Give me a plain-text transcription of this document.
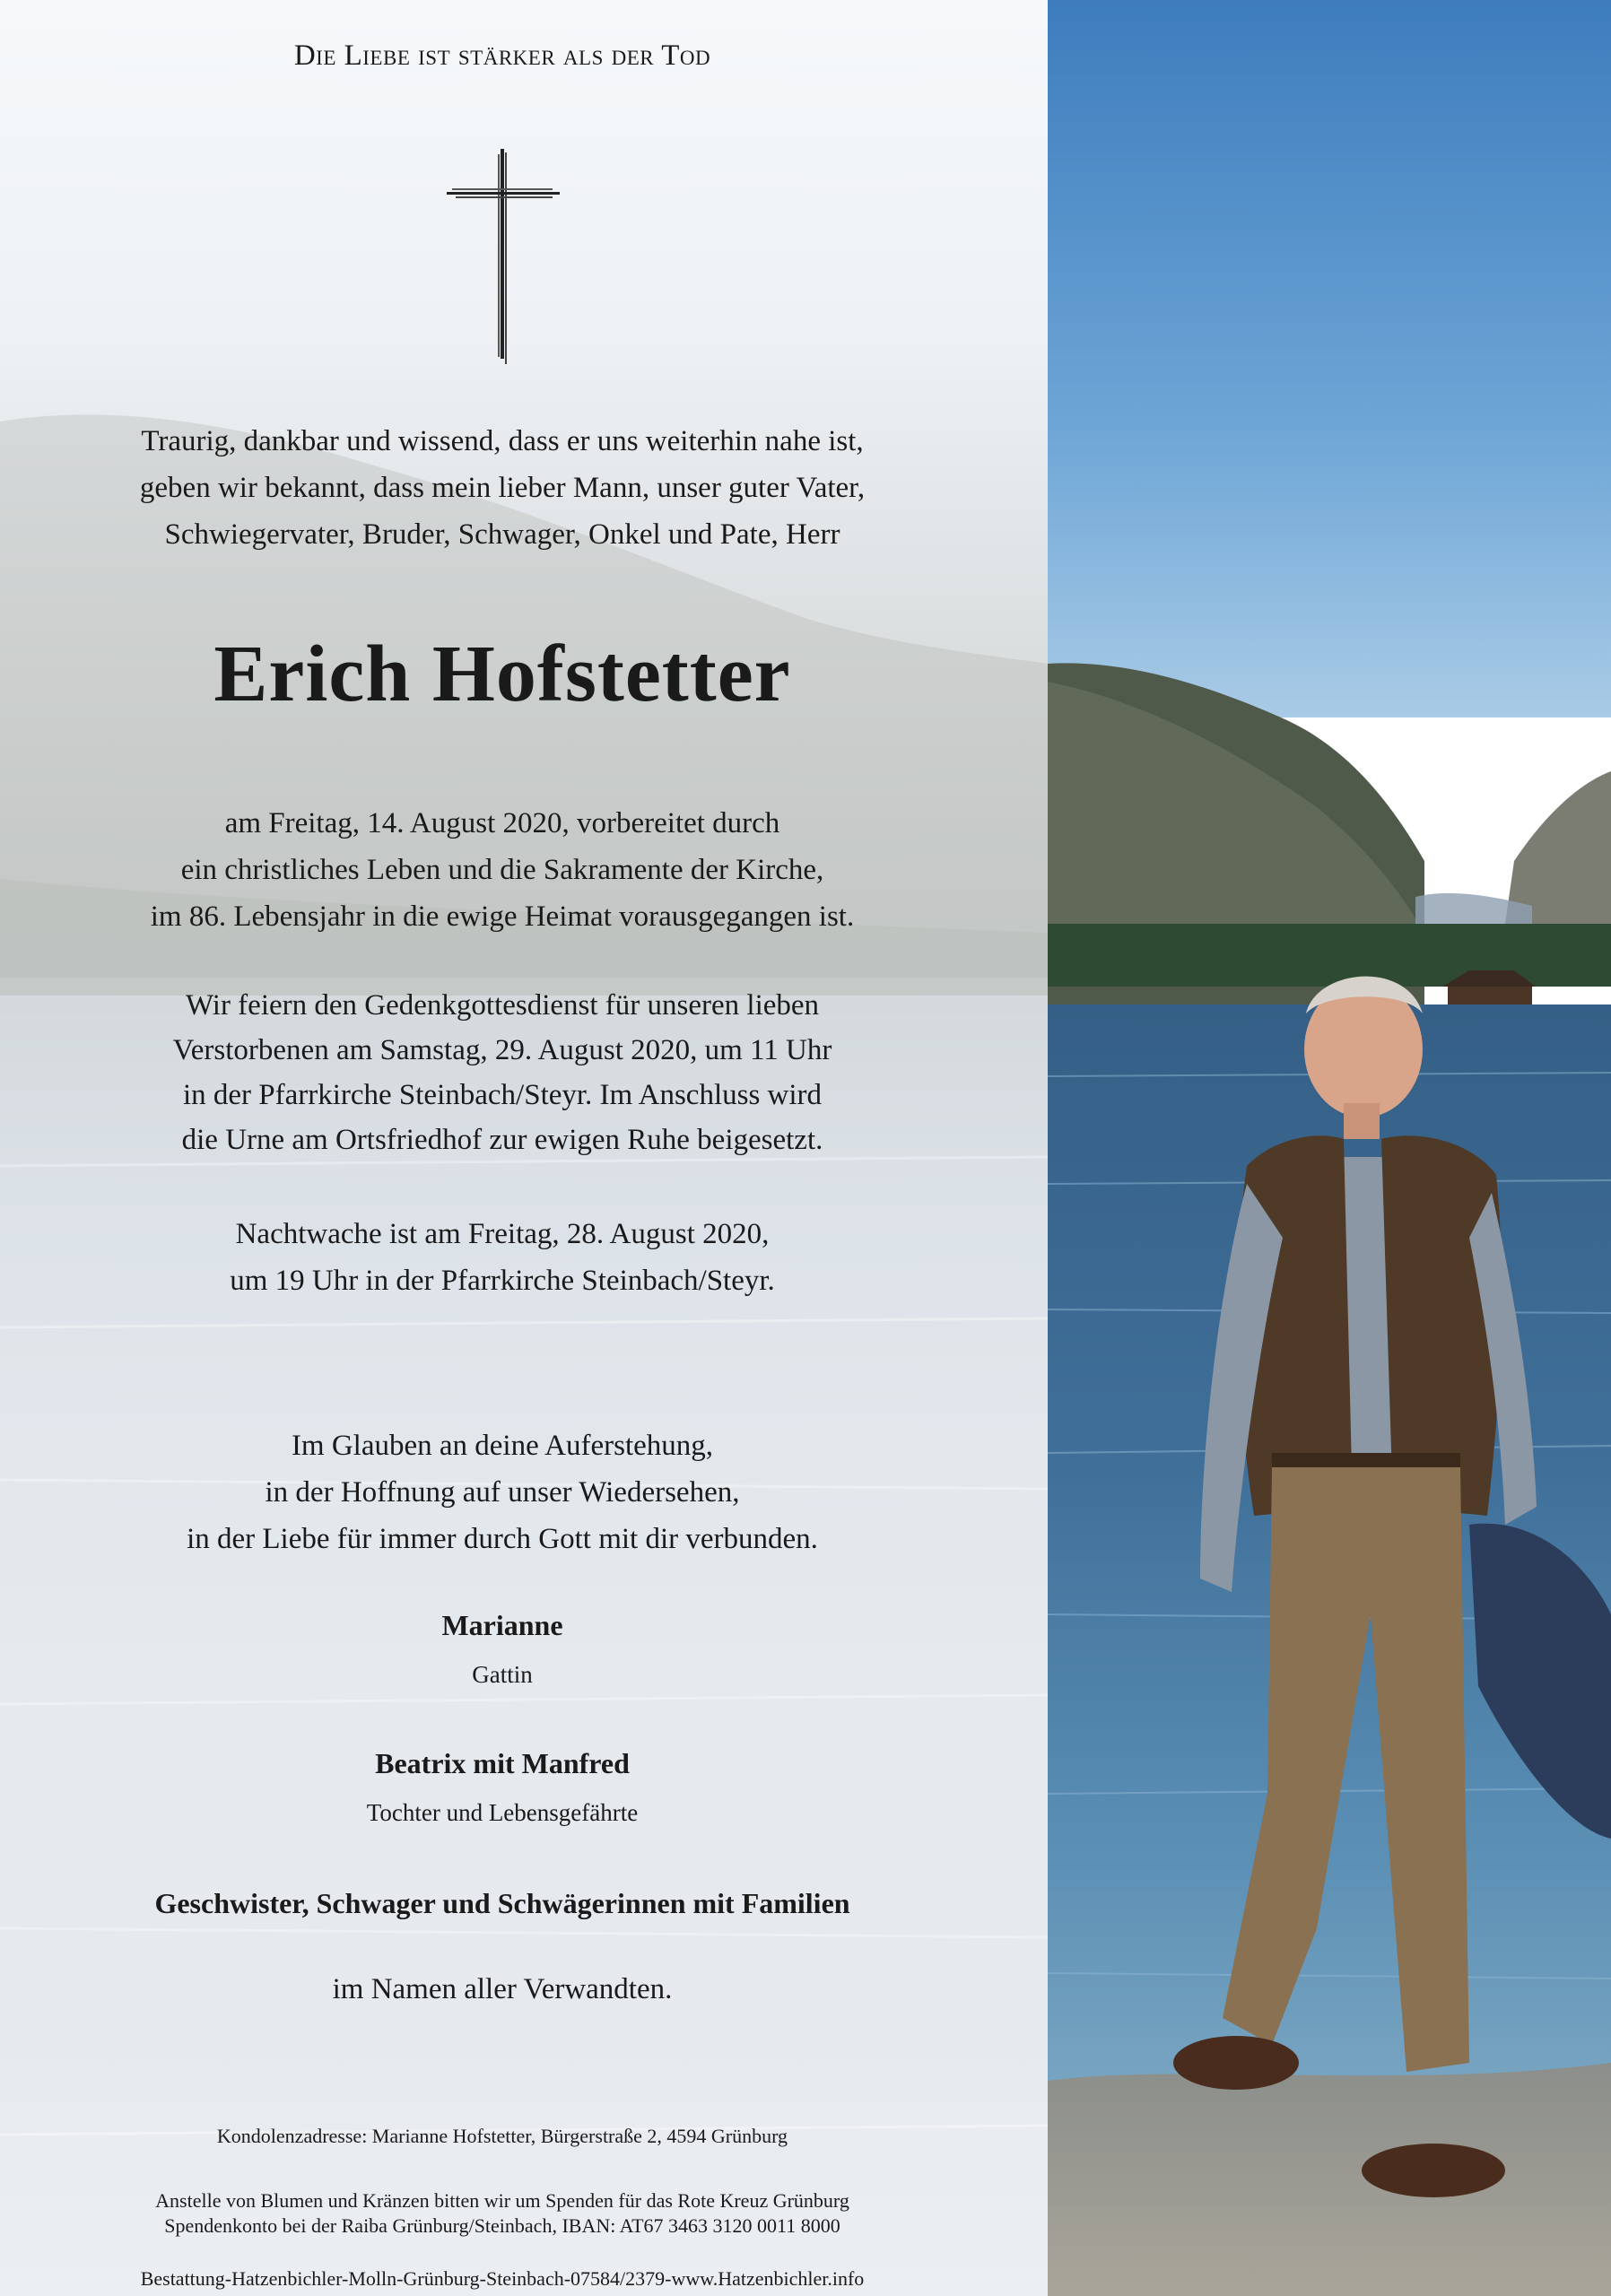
Die Liebe ist stärker als der Tod
Traurig, dankbar und wissend, dass er uns weiterhin nahe ist,
geben wir bekannt, dass mein lieber Mann, unser guter Vater,
Schwiegervater, Bruder, Schwager, Onkel und Pate, Herr
Erich Hofstetter
am Freitag, 14. August 2020, vorbereitet durch
ein christliches Leben und die Sakramente der Kirche,
im 86. Lebensjahr in die ewige Heimat vorausgegangen ist.
Wir feiern den Gedenkgottesdienst für unseren lieben
Verstorbenen am Samstag, 29. August 2020, um 11 Uhr
in der Pfarrkirche Steinbach/Steyr. Im Anschluss wird
die Urne am Ortsfriedhof zur ewigen Ruhe beigesetzt.
Nachtwache ist am Freitag, 28. August 2020,
um 19 Uhr in der Pfarrkirche Steinbach/Steyr.
Im Glauben an deine Auferstehung,
in der Hoffnung auf unser Wiedersehen,
in der Liebe für immer durch Gott mit dir verbunden.
Marianne
Gattin
Beatrix mit Manfred
Tochter und Lebensgefährte
Geschwister, Schwager und Schwägerinnen mit Familien
im Namen aller Verwandten.
Kondolenzadresse: Marianne Hofstetter, Bürgerstraße 2, 4594 Grünburg
Anstelle von Blumen und Kränzen bitten wir um Spenden für das Rote Kreuz Grünburg
Spendenkonto bei der Raiba Grünburg/Steinbach, IBAN: AT67 3463 3120 0011 8000
Bestattung-Hatzenbichler-Molln-Grünburg-Steinbach-07584/2379-www.Hatzenbichler.info
